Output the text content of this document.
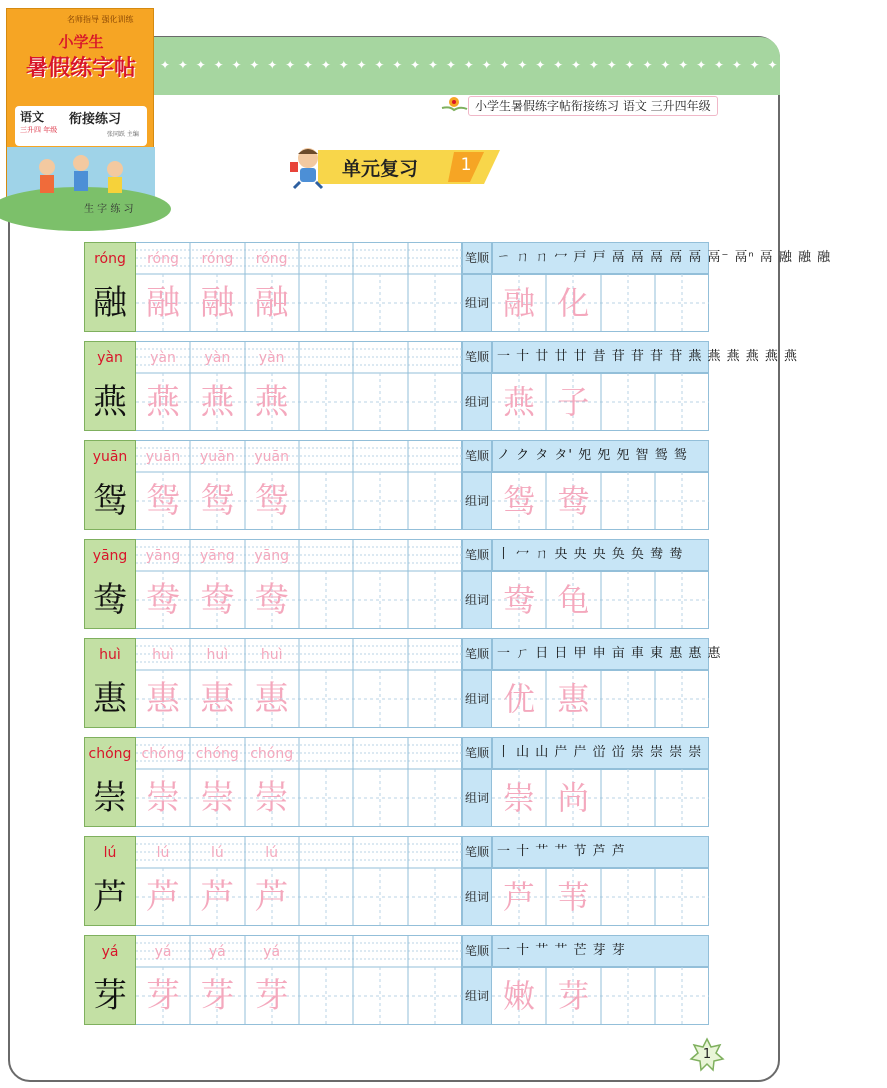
✦ ✦ ✦ ✦ ✦ ✦ ✦ ✦ ✦ ✦ ✦ ✦ ✦ ✦ ✦ ✦ ✦ ✦ ✦ ✦ ✦ ✦ ✦ ✦ ✦ ✦ ✦ ✦ ✦ ✦ ✦ ✦ ✦ ✦ ✦ ✦ ✦ ✦ ✦ ✦ ✦
小学生暑假练字帖衔接练习 语文 三升四年级
名师指导 强化训练
小学生
暑假练字帖
语文 衔接练习
三升四 年级
张同跃 主编
生 字 练 习
单元复习	1
róng
融
róng
融
róng
融
róng
融
笔顺
组词
ㄧ ㄇ ㄇ 冖 戸 戸 鬲 鬲 鬲 鬲 鬲 鬲⁻ 鬲ⁿ 鬲 融 融 融
融 化
yàn
燕
yàn
燕
yàn
燕
yàn
燕
笔顺
组词
一 十 廿 廿 廿 昔 苷 苷 苷 苷 燕 燕 燕 燕 燕 燕
燕 子
yuān
鸳
yuān
鸳
yuān
鸳
yuān
鸳
笔顺
组词
ノ ク タ タ' 夗 夗 夗 智 鸳 鸳
鸳 鸯
yāng
鸯
yāng
鸯
yāng
鸯
yāng
鸯
笔顺
组词
丨 冖 ㄇ 央 央 央 奂 奂 鸯 鸯
鸯 龟
huì
惠
huì
惠
huì
惠
huì
惠
笔顺
组词
一 ㄏ 日 日 甲 申 亩 車 東 惠 惠 惠
优 惠
chóng
崇
chóng
崇
chóng
崇
chóng
崇
笔顺
组词
丨 山 山 屵 屵 峃 峃 崇 崇 崇 崇
崇 尚
lú
芦
lú
芦
lú
芦
lú
芦
笔顺
组词
一 十 艹 艹 节 芦 芦
芦 苇
yá
芽
yá
芽
yá
芽
yá
芽
笔顺
组词
一 十 艹 艹 芒 芽 芽
嫩 芽
1
